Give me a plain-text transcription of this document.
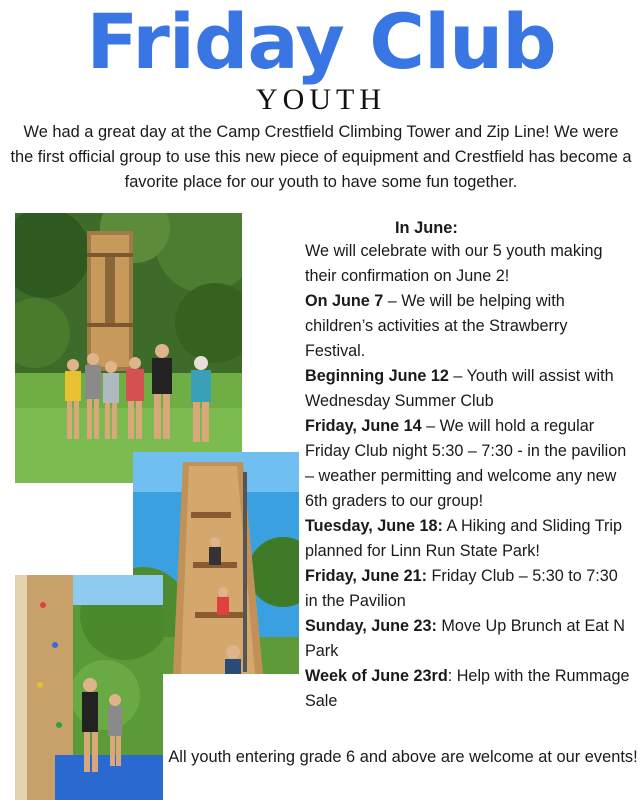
Friday Club
YOUTH

We had a great day at the Camp Crestfield Climbing Tower and Zip Line! We were the first official group to use this new piece of equipment and Crestfield has become a favorite place for our youth to have some fun together.

In June:
We will celebrate with our 5 youth making their confirmation on June 2!
On June 7 – We will be helping with children’s activities at the Strawberry Festival.
Beginning June 12 – Youth will assist with Wednesday Summer Club
Friday, June 14 – We will hold a regular Friday Club night 5:30 – 7:30 - in the pavilion – weather permitting and welcome any new 6th graders to our group!
Tuesday, June 18: A Hiking and Sliding Trip planned for Linn Run State Park!
Friday, June 21: Friday Club – 5:30 to 7:30 in the Pavilion
Sunday, June 23: Move Up Brunch at Eat N Park
Week of June 23rd: Help with the Rummage Sale

All youth entering grade 6 and above are welcome at our events!
